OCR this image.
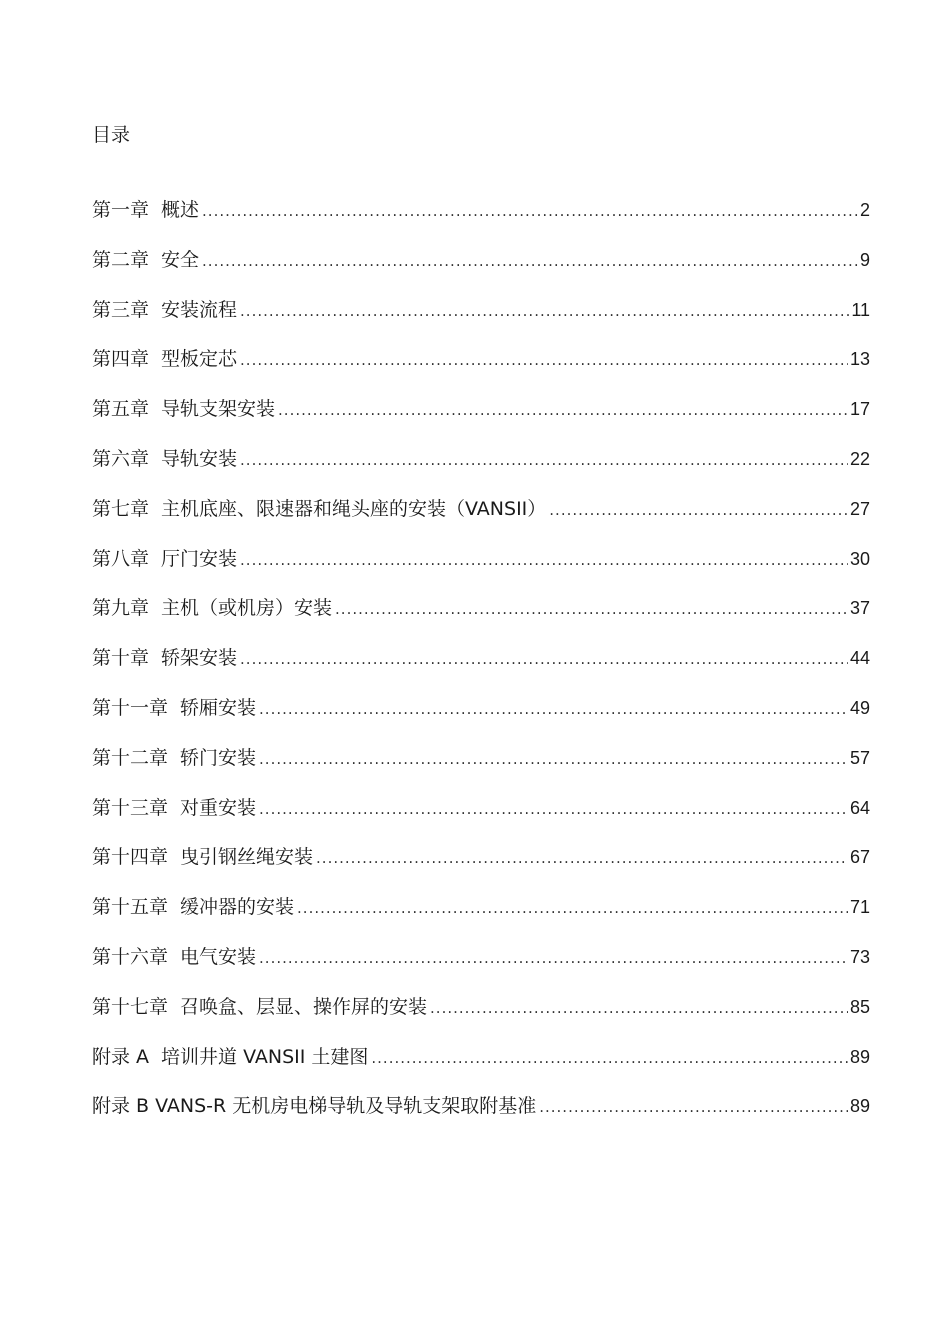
目录
第一章 概述 .....	2
第二章 安全 .....	9
第三章 安装流程 .....	11
第四章 型板定芯 .....	13
第五章 导轨支架安装 .....	17
第六章 导轨安装 .....	22
第七章 主机底座、限速器和绳头座的安装（VANSII） .....	27
第八章 厅门安装 .....	30
第九章 主机（或机房）安装 .....	37
第十章 轿架安装 .....	44
第十一章 轿厢安装 .....	49
第十二章 轿门安装 .....	57
第十三章 对重安装 .....	64
第十四章 曳引钢丝绳安装 .....	67
第十五章 缓冲器的安装 .....	71
第十六章 电气安装 .....	73
第十七章 召唤盒、层显、操作屏的安装 .....	85
附录 A 培训井道 VANSII 土建图 .....	89
附录 B VANS-R 无机房电梯导轨及导轨支架取附基准 .....	89
